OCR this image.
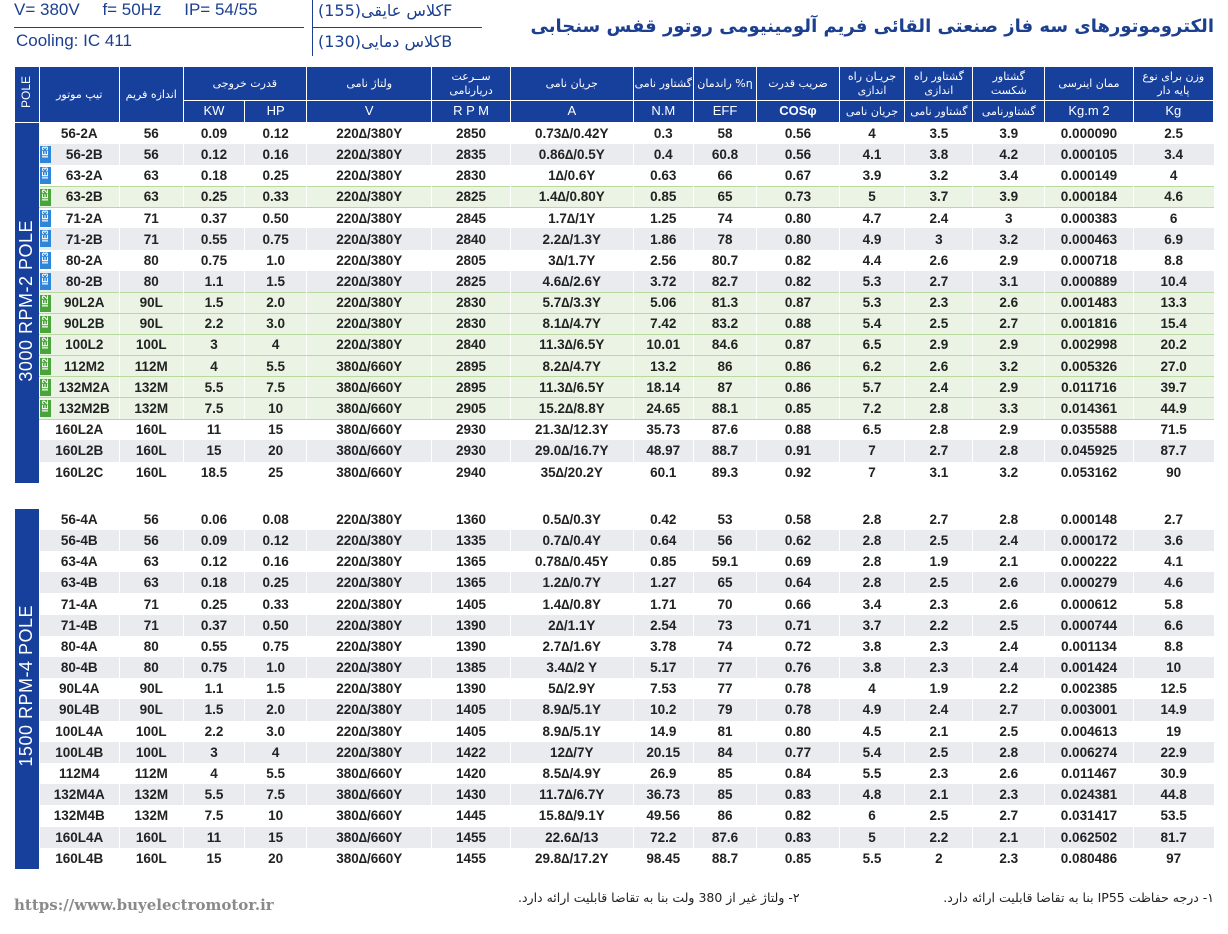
V= 380V f= 50Hz IP= 54/55
Cooling: IC 411
کلاس عایقی(155)F
کلاس دمایی(130)B
الکتروموتورهای سه فاز صنعتی القائی فریم آلومینیومی روتور قفس سنجابی
POLE	تیپ موتور	اندازه فریم	قدرت خروجی		ولتاژ نامی	ســرعت دریارنامی	جریان نامی	گشتاور نامی	راندمان %η	ضریب قدرت	جریـان راه اندازی	گشتاور راه اندازی	گشتاور شکست	ممان اینرسی	وزن برای نوع پایه دار
			KW	HP	V	R P M	A	N.M	EFF	COSφ	جریان نامی	گشتاور نامی	گشتاورنامی	Kg.m 2	Kg
3000 RPM-2 POLE	56-2A	56	0.09	0.12	220∆/380Y	2850	0.73∆/0.42Y	0.3	58	0.56	4	3.5	3.9	0.000090	2.5

	IE3 56-2B	56	0.12	0.16	220∆/380Y	2835	0.86∆/0.5Y	0.4	60.8	0.56	4.1	3.8	4.2	0.000105	3.4

	IE3 63-2A	63	0.18	0.25	220∆/380Y	2830	1∆/0.6Y	0.63	66	0.67	3.9	3.2	3.4	0.000149	4

	IE2 63-2B	63	0.25	0.33	220∆/380Y	2825	1.4∆/0.80Y	0.85	65	0.73	5	3.7	3.9	0.000184	4.6

	IE3 71-2A	71	0.37	0.50	220∆/380Y	2845	1.7∆/1Y	1.25	74	0.80	4.7	2.4	3	0.000383	6

	IE3 71-2B	71	0.55	0.75	220∆/380Y	2840	2.2∆/1.3Y	1.86	78	0.80	4.9	3	3.2	0.000463	6.9

	IE3 80-2A	80	0.75	1.0	220∆/380Y	2805	3∆/1.7Y	2.56	80.7	0.82	4.4	2.6	2.9	0.000718	8.8

	IE3 80-2B	80	1.1	1.5	220∆/380Y	2825	4.6∆/2.6Y	3.72	82.7	0.82	5.3	2.7	3.1	0.000889	10.4

	IE2 90L2A	90L	1.5	2.0	220∆/380Y	2830	5.7∆/3.3Y	5.06	81.3	0.87	5.3	2.3	2.6	0.001483	13.3

	IE2 90L2B	90L	2.2	3.0	220∆/380Y	2830	8.1∆/4.7Y	7.42	83.2	0.88	5.4	2.5	2.7	0.001816	15.4

	IE2 100L2	100L	3	4	220∆/380Y	2840	11.3∆/6.5Y	10.01	84.6	0.87	6.5	2.9	2.9	0.002998	20.2

	IE2 112M2	112M	4	5.5	380∆/660Y	2895	8.2∆/4.7Y	13.2	86	0.86	6.2	2.6	3.2	0.005326	27.0

	IE2 132M2A	132M	5.5	7.5	380∆/660Y	2895	11.3∆/6.5Y	18.14	87	0.86	5.7	2.4	2.9	0.011716	39.7

	IE2 132M2B	132M	7.5	10	380∆/660Y	2905	15.2∆/8.8Y	24.65	88.1	0.85	7.2	2.8	3.3	0.014361	44.9
	160L2A	160L	11	15	380∆/660Y	2930	21.3∆/12.3Y	35.73	87.6	0.88	6.5	2.8	2.9	0.035588	71.5
	160L2B	160L	15	20	380∆/660Y	2930	29.0∆/16.7Y	48.97	88.7	0.91	7	2.7	2.8	0.045925	87.7
	160L2C	160L	18.5	25	380∆/660Y	2940	35∆/20.2Y	60.1	89.3	0.92	7	3.1	3.2	0.053162	90

1500 RPM-4 POLE	56-4A	56	0.06	0.08	220∆/380Y	1360	0.5∆/0.3Y	0.42	53	0.58	2.8	2.7	2.8	0.000148	2.7
	56-4B	56	0.09	0.12	220∆/380Y	1335	0.7∆/0.4Y	0.64	56	0.62	2.8	2.5	2.4	0.000172	3.6
	63-4A	63	0.12	0.16	220∆/380Y	1365	0.78∆/0.45Y	0.85	59.1	0.69	2.8	1.9	2.1	0.000222	4.1
	63-4B	63	0.18	0.25	220∆/380Y	1365	1.2∆/0.7Y	1.27	65	0.64	2.8	2.5	2.6	0.000279	4.6
	71-4A	71	0.25	0.33	220∆/380Y	1405	1.4∆/0.8Y	1.71	70	0.66	3.4	2.3	2.6	0.000612	5.8
	71-4B	71	0.37	0.50	220∆/380Y	1390	2∆/1.1Y	2.54	73	0.71	3.7	2.2	2.5	0.000744	6.6
	80-4A	80	0.55	0.75	220∆/380Y	1390	2.7∆/1.6Y	3.78	74	0.72	3.8	2.3	2.4	0.001134	8.8
	80-4B	80	0.75	1.0	220∆/380Y	1385	3.4∆/2 Y	5.17	77	0.76	3.8	2.3	2.4	0.001424	10
	90L4A	90L	1.1	1.5	220∆/380Y	1390	5∆/2.9Y	7.53	77	0.78	4	1.9	2.2	0.002385	12.5
	90L4B	90L	1.5	2.0	220∆/380Y	1405	8.9∆/5.1Y	10.2	79	0.78	4.9	2.4	2.7	0.003001	14.9
	100L4A	100L	2.2	3.0	220∆/380Y	1405	8.9∆/5.1Y	14.9	81	0.80	4.5	2.1	2.5	0.004613	19
	100L4B	100L	3	4	220∆/380Y	1422	12∆/7Y	20.15	84	0.77	5.4	2.5	2.8	0.006274	22.9
	112M4	112M	4	5.5	380∆/660Y	1420	8.5∆/4.9Y	26.9	85	0.84	5.5	2.3	2.6	0.011467	30.9
	132M4A	132M	5.5	7.5	380∆/660Y	1430	11.7∆/6.7Y	36.73	85	0.83	4.8	2.1	2.3	0.024381	44.8
	132M4B	132M	7.5	10	380∆/660Y	1445	15.8∆/9.1Y	49.56	86	0.82	6	2.5	2.7	0.031417	53.5
	160L4A	160L	11	15	380∆/660Y	1455	22.6∆/13	72.2	87.6	0.83	5	2.2	2.1	0.062502	81.7
	160L4B	160L	15	20	380∆/660Y	1455	29.8∆/17.2Y	98.45	88.7	0.85	5.5	2	2.3	0.080486	97
https://www.buyelectromotor.ir	۱- درجه حفاظت IP55 بنا به تقاضا قابلیت ارائه دارد.
۲- ولتاژ غیر از 380 ولت بنا به تقاضا قابلیت ارائه دارد.
